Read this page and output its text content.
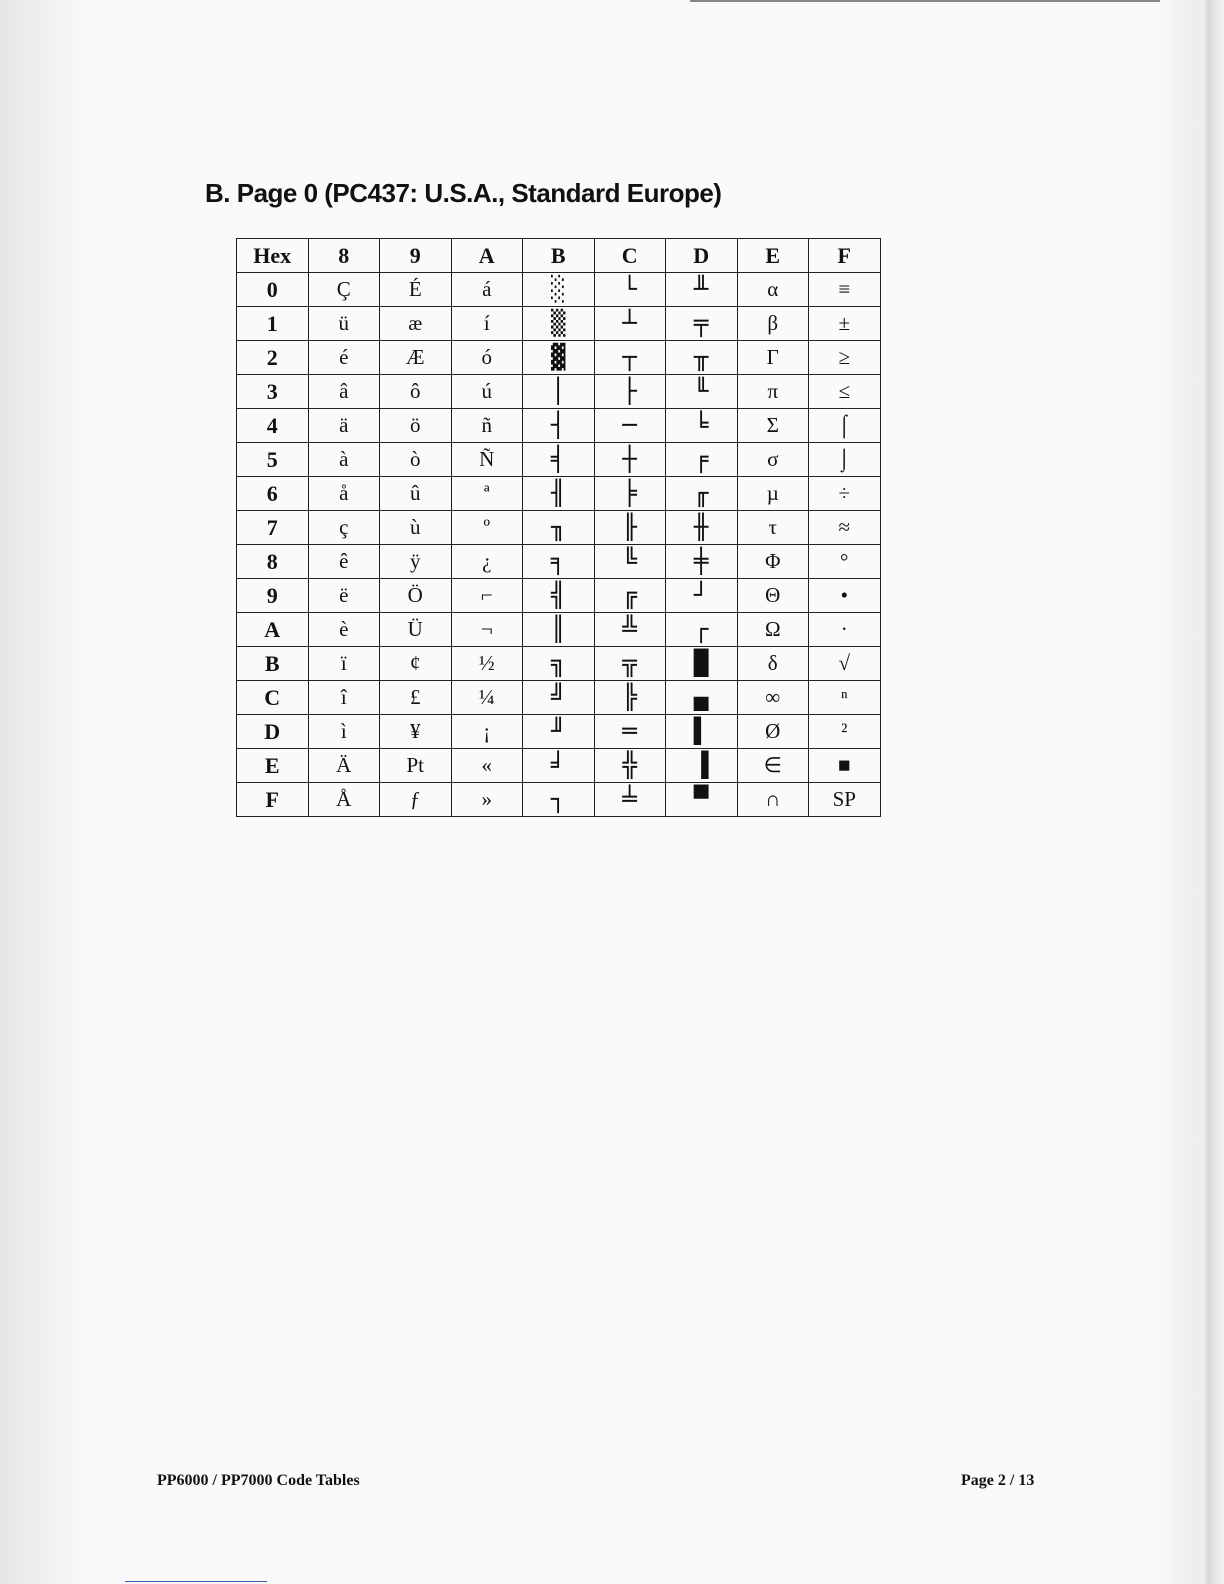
B. Page 0 (PC437: U.S.A., Standard Europe)
Hex	8	9	A	B	C	D	E	F
0	Ç	É	á	░	└	╨	α	≡
1	ü	æ	í	▒	┴	╤	β	±
2	é	Æ	ó	▓	┬	╥	Γ	≥
3	â	ô	ú	│	├	╙	π	≤
4	ä	ö	ñ	┤	─	╘	Σ	⌠
5	à	ò	Ñ	╡	┼	╒	σ	⌡
6	å	û	ª	╢	╞	╓	µ	÷
7	ç	ù	º	╖	╟	╫	τ	≈
8	ê	ÿ	¿	╕	╚	╪	Φ	°
9	ë	Ö	⌐	╣	╔	┘	Θ	•
A	è	Ü	¬	║	╩	┌	Ω	·
B	ï	¢	½	╗	╦	█	δ	√
C	î	£	¼	╝	╠	▄	∞	ⁿ
D	ì	¥	¡	╜	═	▌	Ø	²
E	Ä	Pt	«	╛	╬	▐	∈	■
F	Å	ƒ	»	┐	╧	▀	∩	SP
PP6000 / PP7000 Code Tables	Page 2 / 13
